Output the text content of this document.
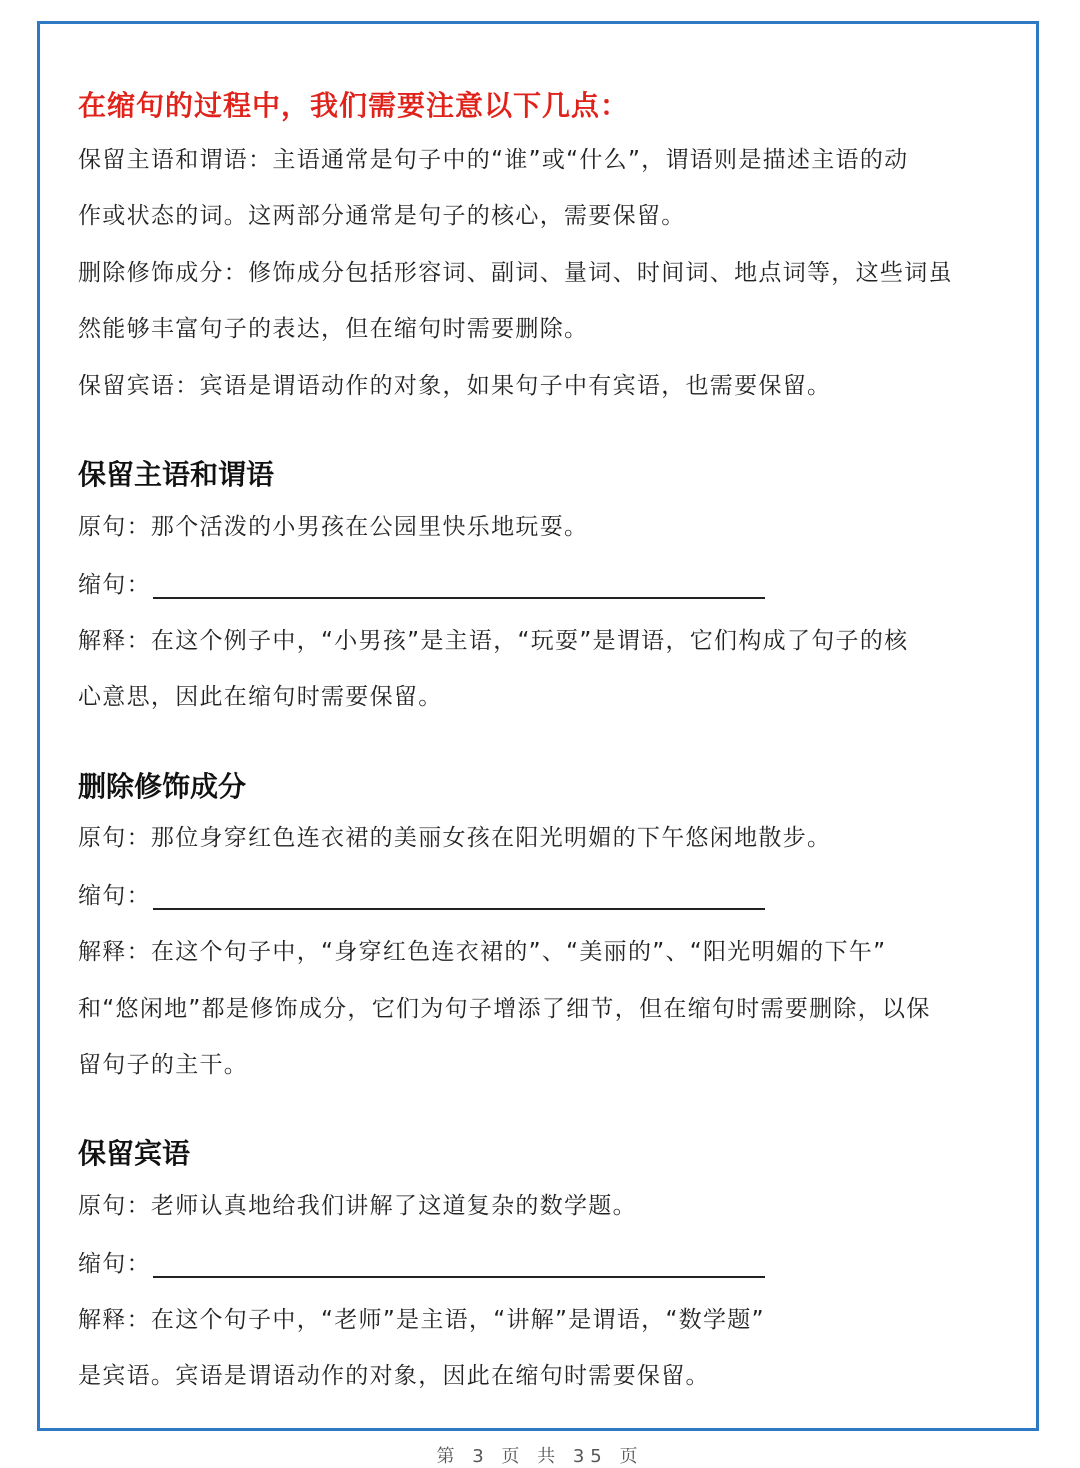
在缩句的过程中，我们需要注意以下几点：
保留主语和谓语：主语通常是句子中的“谁”或“什么”，谓语则是描述主语的动
作或状态的词。这两部分通常是句子的核心，需要保留。
删除修饰成分：修饰成分包括形容词、副词、量词、时间词、地点词等，这些词虽
然能够丰富句子的表达，但在缩句时需要删除。
保留宾语：宾语是谓语动作的对象，如果句子中有宾语，也需要保留。
保留主语和谓语
原句：那个活泼的小男孩在公园里快乐地玩耍。
缩句：
解释：在这个例子中，“小男孩”是主语，“玩耍”是谓语，它们构成了句子的核
心意思，因此在缩句时需要保留。
删除修饰成分
原句：那位身穿红色连衣裙的美丽女孩在阳光明媚的下午悠闲地散步。
缩句：
解释：在这个句子中，“身穿红色连衣裙的”、“美丽的”、“阳光明媚的下午”
和“悠闲地”都是修饰成分，它们为句子增添了细节，但在缩句时需要删除，以保
留句子的主干。
保留宾语
原句：老师认真地给我们讲解了这道复杂的数学题。
缩句：
解释：在这个句子中，“老师”是主语，“讲解”是谓语，“数学题”
是宾语。宾语是谓语动作的对象，因此在缩句时需要保留。
第 3 页 共 35 页
